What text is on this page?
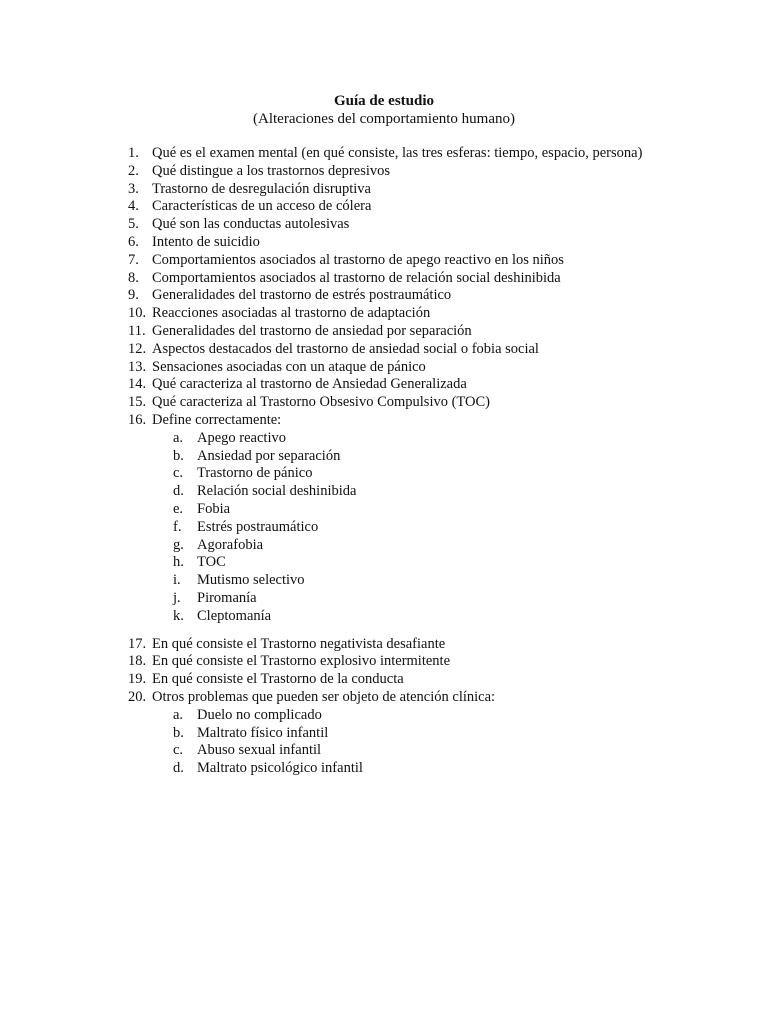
Guía de estudio
(Alteraciones del comportamiento humano)
1. Qué es el examen mental (en qué consiste, las tres esferas: tiempo, espacio, persona)
2. Qué distingue a los trastornos depresivos
3. Trastorno de desregulación disruptiva
4. Características de un acceso de cólera
5. Qué son las conductas autolesivas
6. Intento de suicidio
7. Comportamientos asociados al trastorno de apego reactivo en los niños
8. Comportamientos asociados al trastorno de relación social deshinibida
9. Generalidades del trastorno de estrés postraumático
10. Reacciones asociadas al trastorno de adaptación
11. Generalidades del trastorno de ansiedad por separación
12. Aspectos destacados del trastorno de ansiedad social o fobia social
13. Sensaciones asociadas con un ataque de pánico
14. Qué caracteriza al trastorno de Ansiedad Generalizada
15. Qué caracteriza al Trastorno Obsesivo Compulsivo (TOC)
16. Define correctamente:
a. Apego reactivo
b. Ansiedad por separación
c. Trastorno de pánico
d. Relación social deshinibida
e. Fobia
f. Estrés postraumático
g. Agorafobia
h. TOC
i. Mutismo selectivo
j. Piromanía
k. Cleptomanía
17. En qué consiste el Trastorno negativista desafiante
18. En qué consiste el Trastorno explosivo intermitente
19. En qué consiste el Trastorno de la conducta
20. Otros problemas que pueden ser objeto de atención clínica:
a. Duelo no complicado
b. Maltrato físico infantil
c. Abuso sexual infantil
d. Maltrato psicológico infantil
